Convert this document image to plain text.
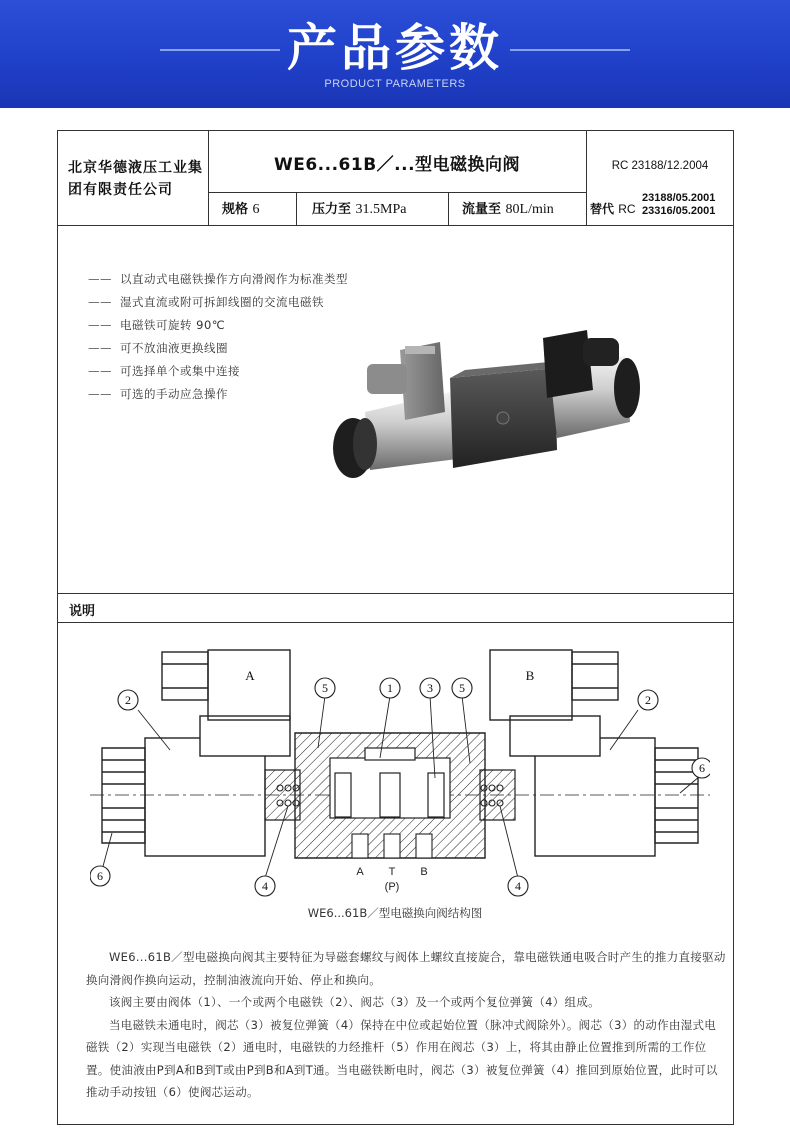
产品参数
PRODUCT PARAMETERS
北京华德液压工业集团有限责任公司
WE6...61B／...型电磁换向阀	RC 23188/12.2004
规格 6	压力至 31.5MPa	流量至 80L/min	替代 RC
23188/05.2001
23316/05.2001
—— 以直动式电磁铁操作方向滑阀作为标准类型
—— 湿式直流或附可拆卸线圈的交流电磁铁
—— 电磁铁可旋转 90℃
—— 可不放油液更换线圈
—— 可选择单个或集中连接
—— 可选的手动应急操作
说明
1
2	2
3
4	4
5	5
6
6
A	B
A T B
(P)
WE6...61B／型电磁换向阀结构图

WE6...61B／型电磁换向阀其主要特征为导磁套螺纹与阀体上螺纹直接旋合，靠电磁铁通电吸合时产生的推力直接驱动换向滑阀作换向运动，控制油液流向开始、停止和换向。

该阀主要由阀体（1）、一个或两个电磁铁（2）、阀芯（3）及一个或两个复位弹簧（4）组成。

当电磁铁未通电时，阀芯（3）被复位弹簧（4）保持在中位或起始位置（脉冲式阀除外）。阀芯（3）的动作由湿式电磁铁（2）实现当电磁铁（2）通电时，电磁铁的力经推杆（5）作用在阀芯（3）上，将其由静止位置推到所需的工作位置。使油液由P到A和B到T或由P到B和A到T通。当电磁铁断电时，阀芯（3）被复位弹簧（4）推回到原始位置，此时可以推动手动按钮（6）使阀芯运动。
